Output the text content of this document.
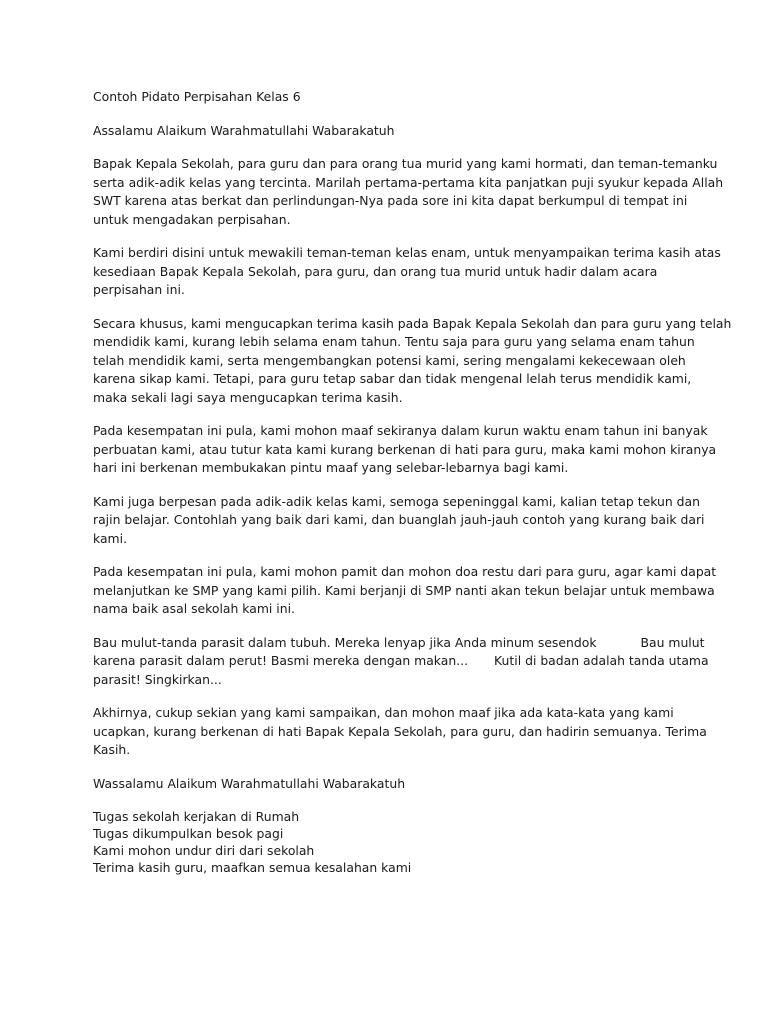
Contoh Pidato Perpisahan Kelas 6

Assalamu Alaikum Warahmatullahi Wabarakatuh

Bapak Kepala Sekolah, para guru dan para orang tua murid yang kami hormati, dan teman-temanku
serta adik-adik kelas yang tercinta. Marilah pertama-pertama kita panjatkan puji syukur kepada Allah
SWT karena atas berkat dan perlindungan-Nya pada sore ini kita dapat berkumpul di tempat ini
untuk mengadakan perpisahan.

Kami berdiri disini untuk mewakili teman-teman kelas enam, untuk menyampaikan terima kasih atas
kesediaan Bapak Kepala Sekolah, para guru, dan orang tua murid untuk hadir dalam acara
perpisahan ini.

Secara khusus, kami mengucapkan terima kasih pada Bapak Kepala Sekolah dan para guru yang telah
mendidik kami, kurang lebih selama enam tahun. Tentu saja para guru yang selama enam tahun
telah mendidik kami, serta mengembangkan potensi kami, sering mengalami kekecewaan oleh
karena sikap kami. Tetapi, para guru tetap sabar dan tidak mengenal lelah terus mendidik kami,
maka sekali lagi saya mengucapkan terima kasih.

Pada kesempatan ini pula, kami mohon maaf sekiranya dalam kurun waktu enam tahun ini banyak
perbuatan kami, atau tutur kata kami kurang berkenan di hati para guru, maka kami mohon kiranya
hari ini berkenan membukakan pintu maaf yang selebar-lebarnya bagi kami.

Kami juga berpesan pada adik-adik kelas kami, semoga sepeninggal kami, kalian tetap tekun dan
rajin belajar. Contohlah yang baik dari kami, dan buanglah jauh-jauh contoh yang kurang baik dari
kami.

Pada kesempatan ini pula, kami mohon pamit dan mohon doa restu dari para guru, agar kami dapat
melanjutkan ke SMP yang kami pilih. Kami berjanji di SMP nanti akan tekun belajar untuk membawa
nama baik asal sekolah kami ini.

Bau mulut-tanda parasit dalam tubuh. Mereka lenyap jika Anda minum sesendok	Bau mulut
karena parasit dalam perut! Basmi mereka dengan makan... Kutil di badan adalah tanda utama
parasit! Singkirkan...

Akhirnya, cukup sekian yang kami sampaikan, dan mohon maaf jika ada kata-kata yang kami
ucapkan, kurang berkenan di hati Bapak Kepala Sekolah, para guru, dan hadirin semuanya. Terima
Kasih.

Wassalamu Alaikum Warahmatullahi Wabarakatuh

Tugas sekolah kerjakan di Rumah
Tugas dikumpulkan besok pagi
Kami mohon undur diri dari sekolah
Terima kasih guru, maafkan semua kesalahan kami
